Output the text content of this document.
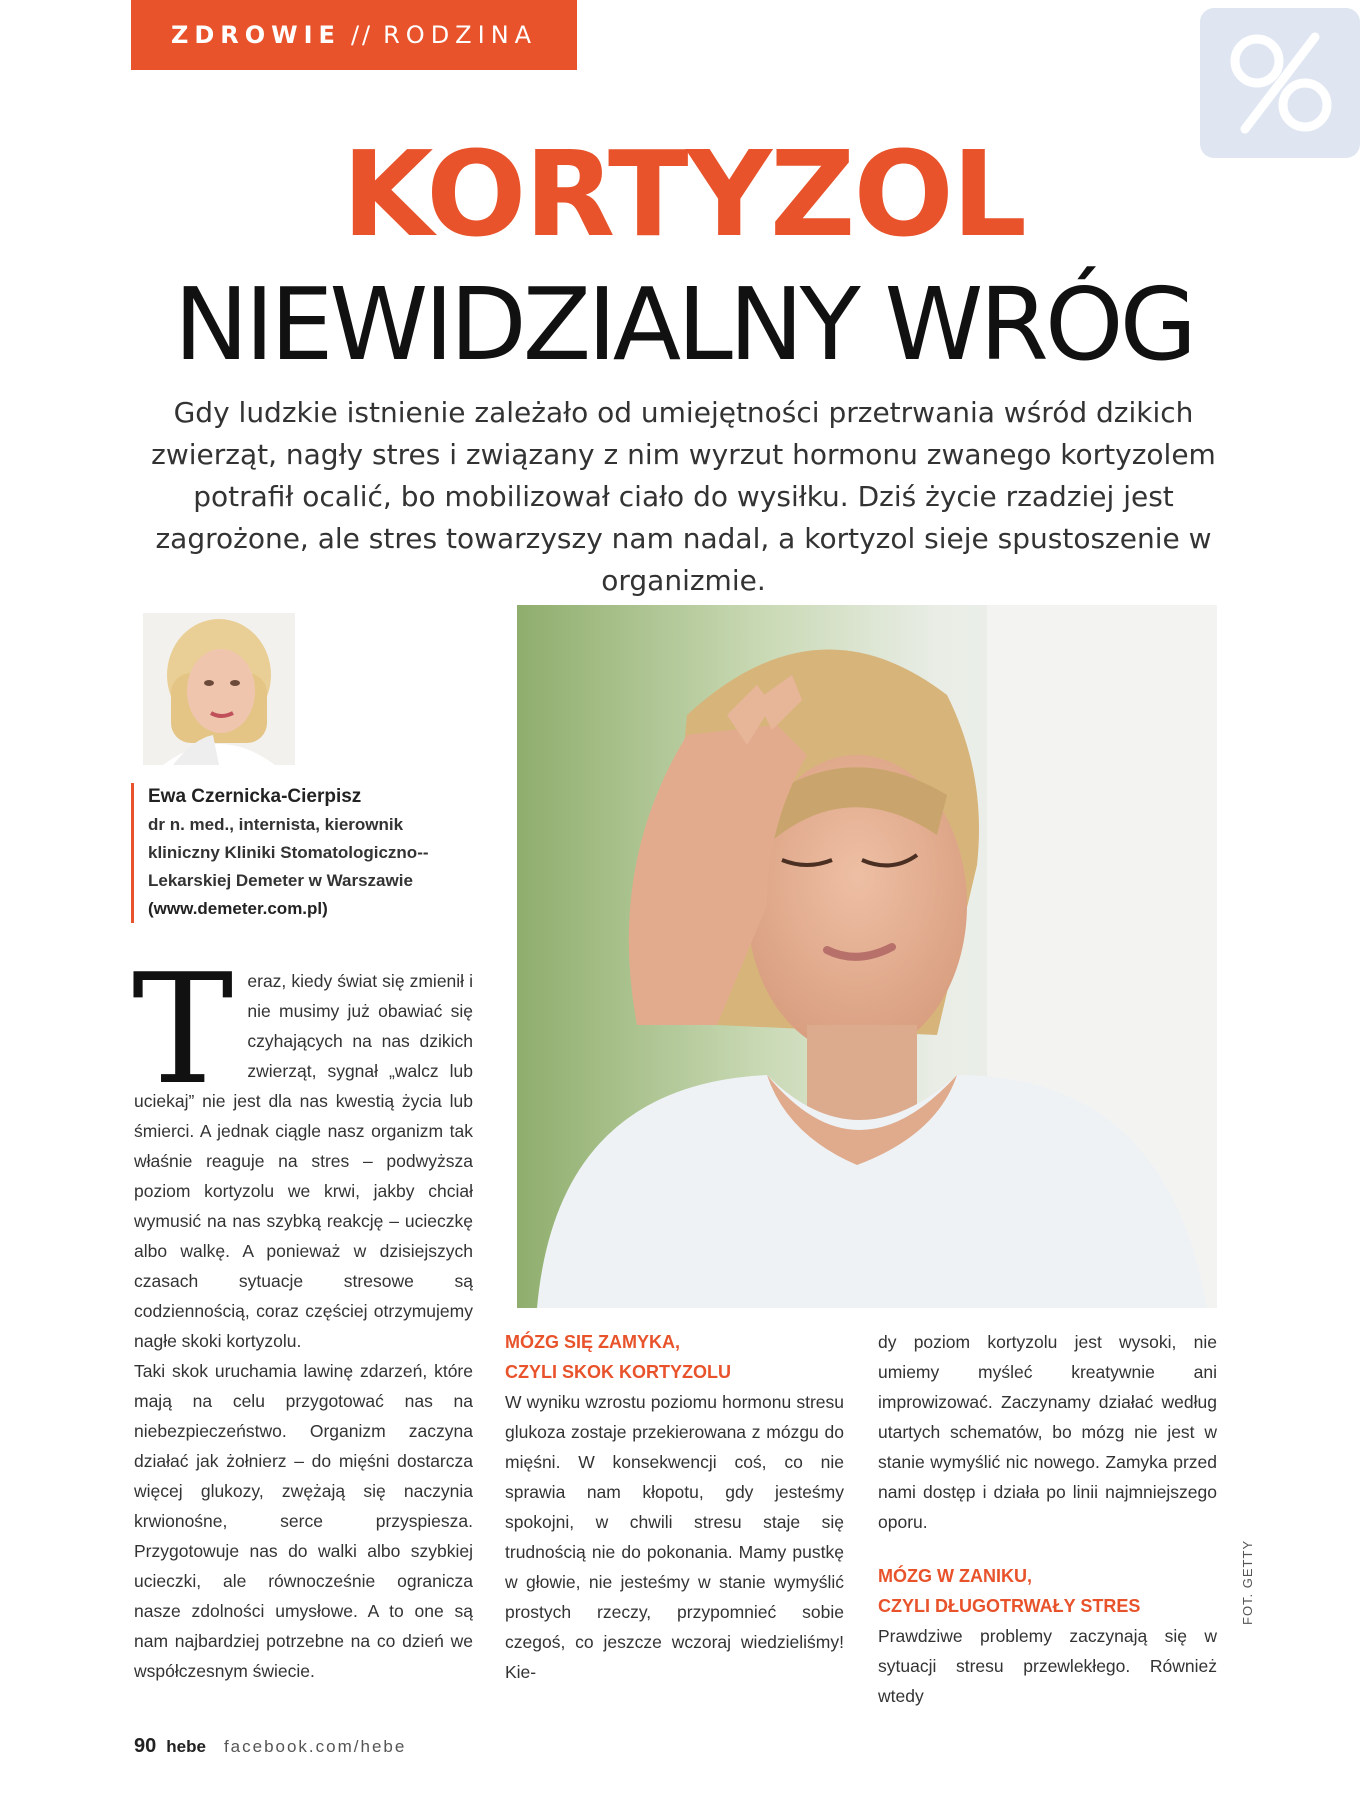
ZDROWIE // RODZINA
KORTYZOL
NIEWIDZIALNY WRÓG
Gdy ludzkie istnienie zależało od umiejętności przetrwania wśród dzikich zwierząt, nagły stres i związany z nim wyrzut hormonu zwanego kortyzolem potrafił ocalić, bo mobilizował ciało do wysiłku. Dziś życie rzadziej jest zagrożone, ale stres towarzyszy nam nadal, a kortyzol sieje spustoszenie w organizmie.
Ewa Czernicka-Cierpisz
dr n. med., internista, kierownik kliniczny Kliniki Stomatologiczno--Lekarskiej Demeter w Warszawie
(www.demeter.com.pl)
T eraz, kiedy świat się zmienił i nie musimy już obawiać się czyhających na nas dzikich zwierząt, sygnał „walcz lub uciekaj” nie jest dla nas kwestią życia lub śmierci. A jednak ciągle nasz organizm tak właśnie reaguje na stres – podwyższa poziom kortyzolu we krwi, jakby chciał wymusić na nas szybką reakcję – ucieczkę albo walkę. A ponieważ w dzisiejszych czasach sytuacje stresowe są codziennością, coraz częściej otrzymujemy nagłe skoki kortyzolu.

Taki skok uruchamia lawinę zdarzeń, które mają na celu przygotować nas na niebezpieczeństwo. Organizm zaczyna działać jak żołnierz – do mięśni dostarcza więcej glukozy, zwężają się naczynia krwionośne, serce przyspiesza. Przygotowuje nas do walki albo szybkiej ucieczki, ale równocześnie ogranicza nasze zdolności umysłowe. A to one są nam najbardziej potrzebne na co dzień we współczesnym świecie.

MÓZG SIĘ ZAMYKA,
CZYLI SKOK KORTYZOLU

W wyniku wzrostu poziomu hormonu stresu glukoza zostaje przekierowana z mózgu do mięśni. W konsekwencji coś, co nie sprawia nam kłopotu, gdy jesteśmy spokojni, w chwili stresu staje się trudnością nie do pokonania. Mamy pustkę w głowie, nie jesteśmy w stanie wymyślić prostych rzeczy, przypomnieć sobie czegoś, co jeszcze wczoraj wiedzieliśmy! Kie-

dy poziom kortyzolu jest wysoki, nie umiemy myśleć kreatywnie ani improwizować. Zaczynamy działać według utartych schematów, bo mózg nie jest w stanie wymyślić nic nowego. Zamyka przed nami dostęp i działa po linii najmniejszego oporu.

MÓZG W ZANIKU,
CZYLI DŁUGOTRWAŁY STRES

Prawdziwe problemy zaczynają się w sytuacji stresu przewlekłego. Również wtedy

FOT. GETTY
90 hebe facebook.com/hebe
